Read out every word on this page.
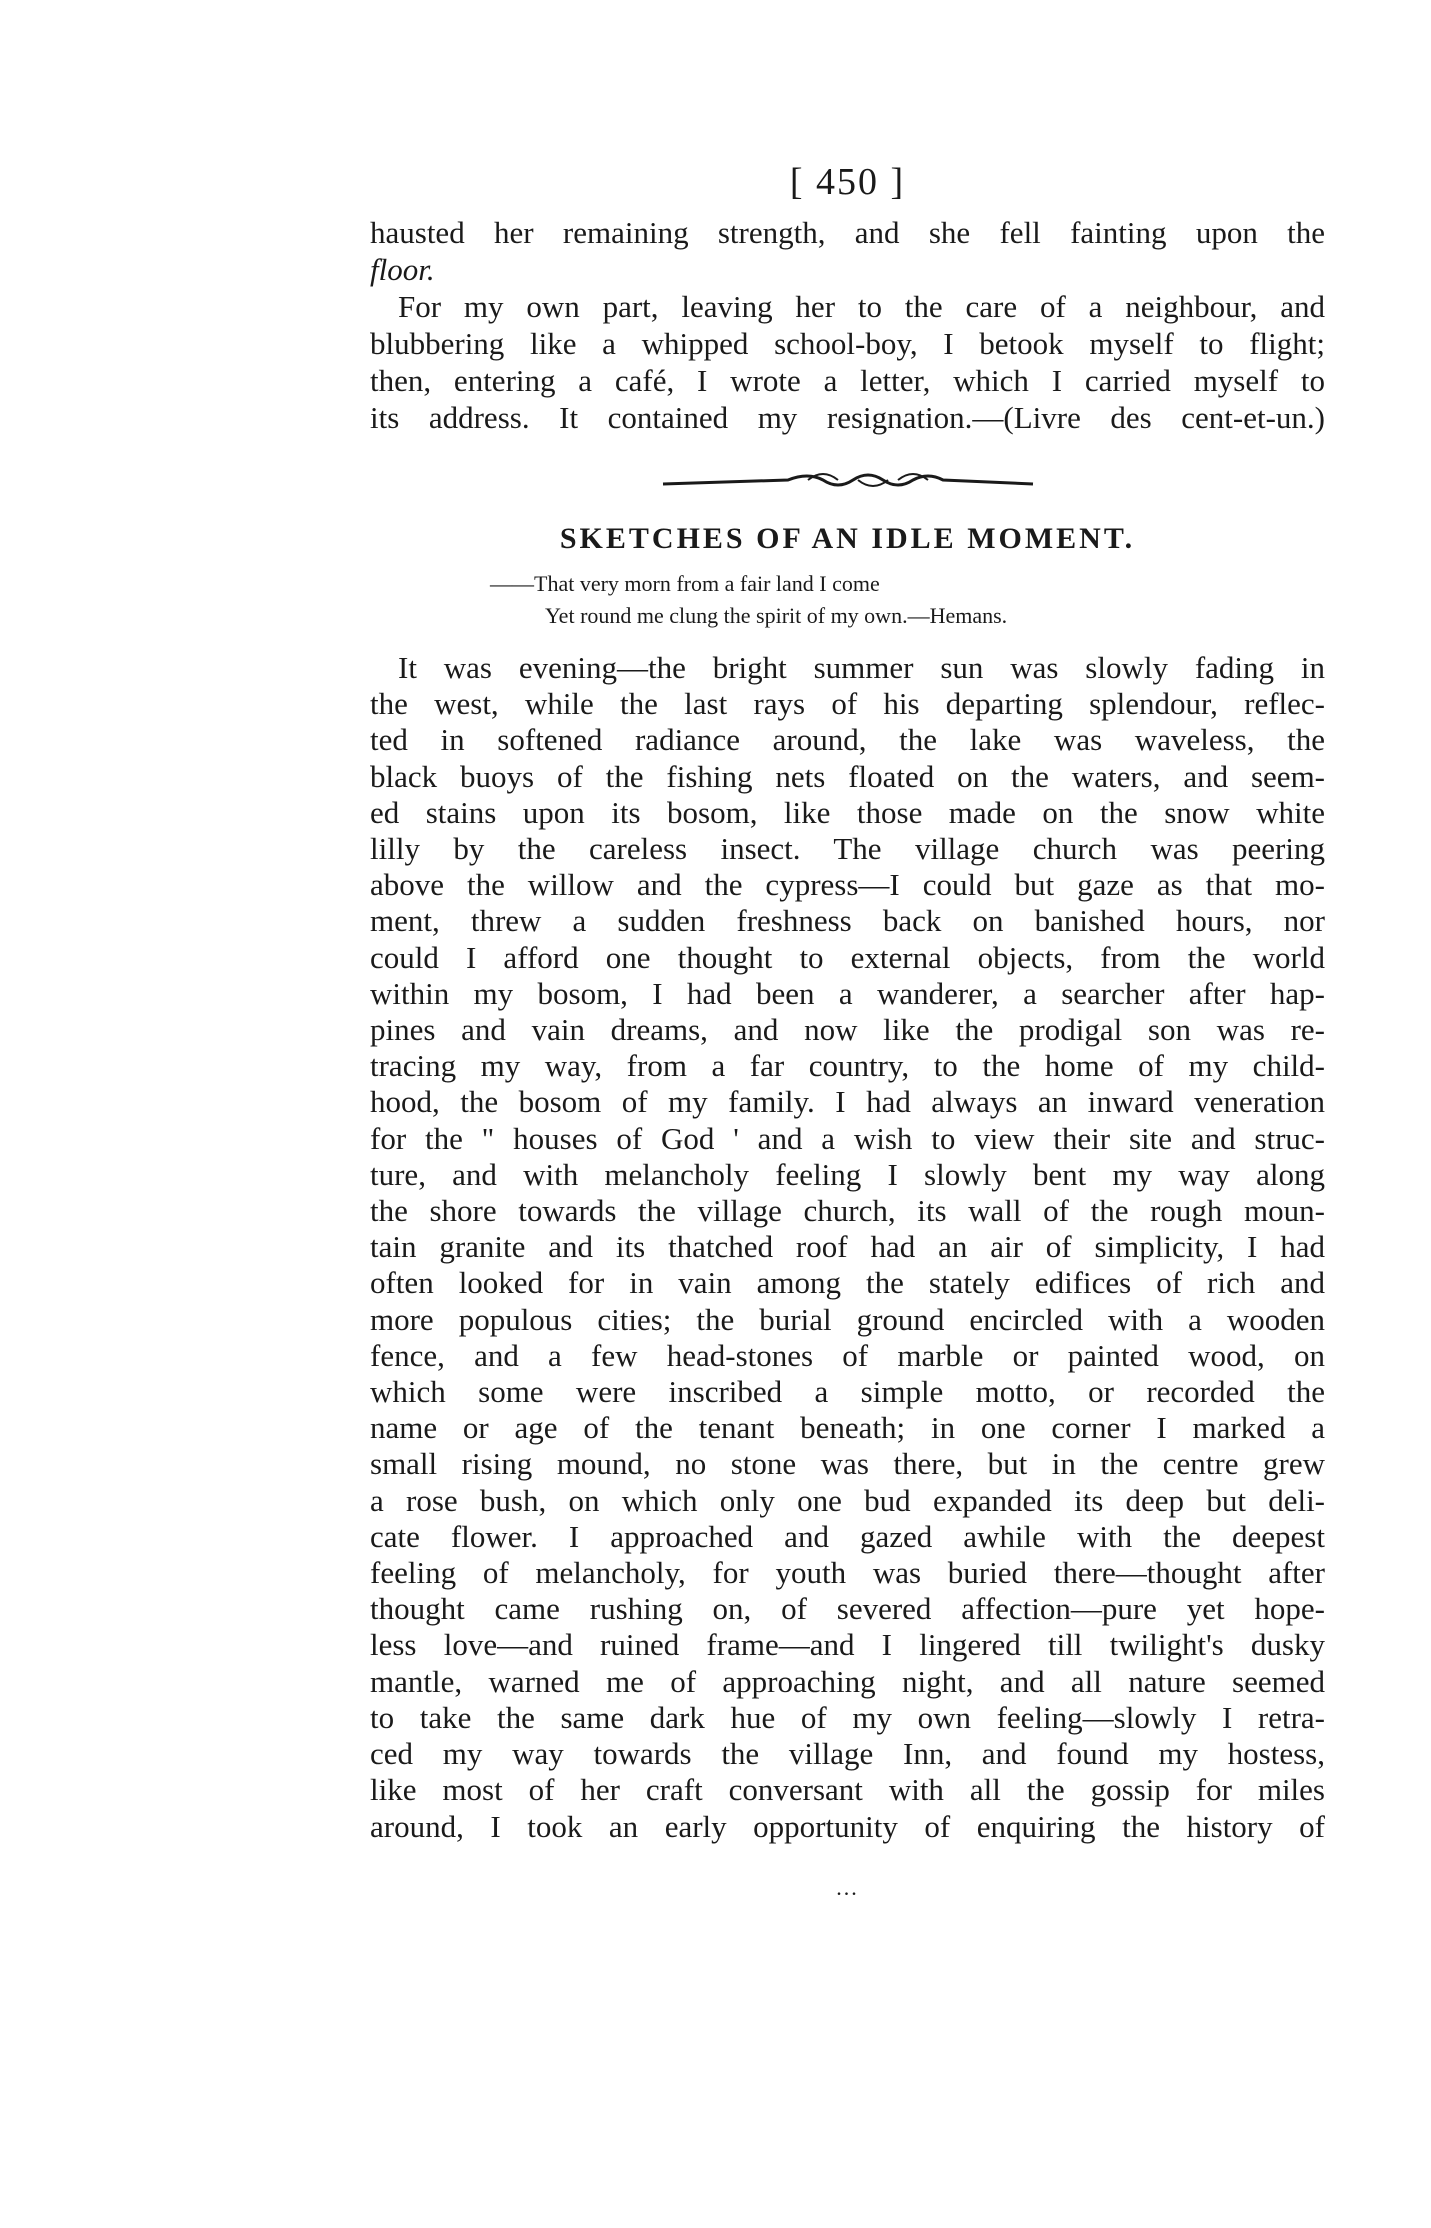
[ 450 ]
hausted her remaining strength, and she fell fainting upon the
floor.
For my own part, leaving her to the care of a neighbour, and
blubbering like a whipped school-boy, I betook myself to flight;
then, entering a café, I wrote a letter, which I carried myself to
its address. It contained my resignation.—(Livre des cent-et-un.)
SKETCHES OF AN IDLE MOMENT.
——That very morn from a fair land I come
Yet round me clung the spirit of my own.—Hemans.
It was evening—the bright summer sun was slowly fading in
the west, while the last rays of his departing splendour, reflec-
ted in softened radiance around, the lake was waveless, the
black buoys of the fishing nets floated on the waters, and seem-
ed stains upon its bosom, like those made on the snow white
lilly by the careless insect. The village church was peering
above the willow and the cypress—I could but gaze as that mo-
ment, threw a sudden freshness back on banished hours, nor
could I afford one thought to external objects, from the world
within my bosom, I had been a wanderer, a searcher after hap-
pines and vain dreams, and now like the prodigal son was re-
tracing my way, from a far country, to the home of my child-
hood, the bosom of my family. I had always an inward veneration
for the " houses of God ' and a wish to view their site and struc-
ture, and with melancholy feeling I slowly bent my way along
the shore towards the village church, its wall of the rough moun-
tain granite and its thatched roof had an air of simplicity, I had
often looked for in vain among the stately edifices of rich and
more populous cities; the burial ground encircled with a wooden
fence, and a few head-stones of marble or painted wood, on
which some were inscribed a simple motto, or recorded the
name or age of the tenant beneath; in one corner I marked a
small rising mound, no stone was there, but in the centre grew
a rose bush, on which only one bud expanded its deep but deli-
cate flower. I approached and gazed awhile with the deepest
feeling of melancholy, for youth was buried there—thought after
thought came rushing on, of severed affection—pure yet hope-
less love—and ruined frame—and I lingered till twilight's dusky
mantle, warned me of approaching night, and all nature seemed
to take the same dark hue of my own feeling—slowly I retra-
ced my way towards the village Inn, and found my hostess,
like most of her craft conversant with all the gossip for miles
around, I took an early opportunity of enquiring the history of
...
